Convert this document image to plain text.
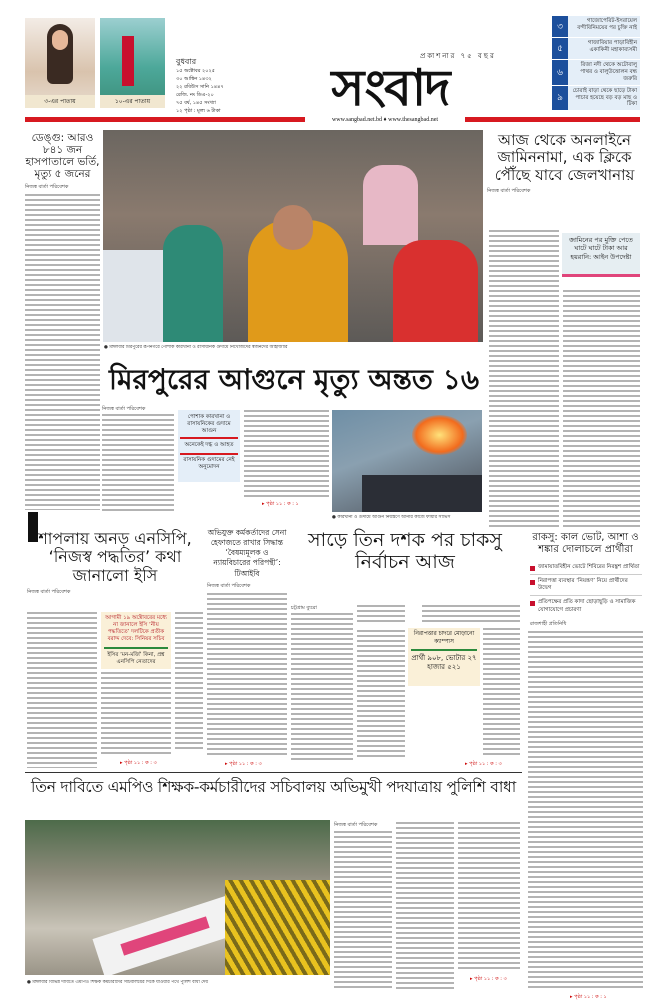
৩-এর পাতায়	১০-এর পাতায়
বুধবার
১৫ অক্টোবর ২০২৫
৩০ আশ্বিন ১৪৩২
২২ রবিউস সানি ১৪৪৭
রেজি. নং ডিএ-২০
৭৫ বর্ষ, ১৪৫ সংখ্যা
১২ পৃষ্ঠা : মূল্য ৬ টাকা
প্রকাশনার ৭৫ বছর
সংবাদ
৩
গাজোপেরিট-ইসরায়েল বন্দীবিনিময়ের পর চুক্তি নাই
৫
গাজাবিয়ার পাড়াবিহীন একাকিনী মহাকাব্যসমী
৬
রিজা নদী থেকে অটোবালু পাথর ও বালুউত্তোলন বন্ধ জরুরি
৯
চোরাই বাড়া থেকে ছাড়ে টাকা পাচার হয়েছে বড় বড় মাছ ও টিকা
www.sangbad.net.bd ♦ www.thesangbad.net
ডেঙ্গু: আরও ৮৪১ জন হাসপাতালে ভর্তি, মৃত্যু ৫ জনের
নিজস্ব বার্তা পরিবেশক
● মঙ্গলবার মিরপুরের রূপনগরে পোশাক কারখানা ও রাসায়নিক গুদামে নিখোঁজদের স্বজনদের আহাজারি
আজ থেকে অনলাইনে জামিননামা, এক ক্লিকে পৌঁছে যাবে জেলখানায়
নিজস্ব বার্তা পরিবেশক
জামিনের পর মুক্তি পেতে ঘাটে ঘাটে টাকা আর হয়রানি: আইন উপদেষ্টা
মিরপুরের আগুনে মৃত্যু অন্তত ১৬
নিজস্ব বার্তা পরিবেশক
পোশাক কারখানা ও রাসায়নিকের গুদামে আগুন
অনেকেই দগ্ধ ও আহত
রাসায়নিক গুদামের নেই অনুমোদন
▸ পৃষ্ঠা ১১ : ক : ১
● কারখানা ও গুদামে আগুন নিয়ন্ত্রণে আনার কাজে ফায়ার সার্ভিস
শাপলায় অনড় এনসিপি, ‘নিজস্ব পদ্ধতির’ কথা জানালো ইসি
নিজস্ব বার্তা পরিবেশক
আগামী ১৯ অক্টোবরের মধ্যে না জানালে ইসি ‘নীয় পদ্ধতিতে’ দলটিকে প্রতীক বরাদ্দ দেবে: সিনিয়র সচিব
ইসির ‘মন-মর্জি’ কিনা, প্রশ্ন এনসিপি নেতাদের
▸ পৃষ্ঠা ১১ : ক : ৩
অভিযুক্ত কর্মকর্তাদের সেনা হেফাজতে রাখার সিদ্ধান্ত ‘বৈষম্যমূলক ও ন্যায়বিচারের পরিপন্থী’: টিআইবি
নিজস্ব বার্তা পরিবেশক
▸ পৃষ্ঠা ১১ : ক : ৩
সাড়ে তিন দশক পর চাকসু নির্বাচন আজ
চট্টগ্রাম ব্যুরো
নিরাপত্তার চাদরে মোড়ানো ক্যাম্পাস
প্রার্থী ৯০৮, ভোটার ২৭ হাজার ৫২১
▸ পৃষ্ঠা ১১ : ক : ৩
রাকসু: কাল ভোট, আশা ও শঙ্কার দোলাচলে প্রার্থীরা
জামায়াতবিহীন ভোটে শিবিরের নিরঙ্কুশ প্রার্থিতা
নিরাপত্তা ব্যবস্থার ‘নিয়ন্ত্রণ’ নিয়ে প্রার্থীদের উদ্বেগ
প্রতিপক্ষের প্রতি কাদা ছোড়াছুড়ি ও সামাজিক যোগাযোগে প্রচারণা
রাজশাহী প্রতিনিধি
তিন দাবিতে এমপিও শিক্ষক-কর্মচারীদের সচিবালয় অভিমুখী পদযাত্রায় পুলিশি বাধা
● মঙ্গলবার বিভিন্ন দাবিতে এমপিও শিক্ষক কর্মচারীদের সচিবালয়ের দিকে যাওয়ার পথে পুলিশ বাধা দেয়
নিজস্ব বার্তা পরিবেশক
▸ পৃষ্ঠা ১১ : ক : ৩
▸ পৃষ্ঠা ১১ : ক : ১
